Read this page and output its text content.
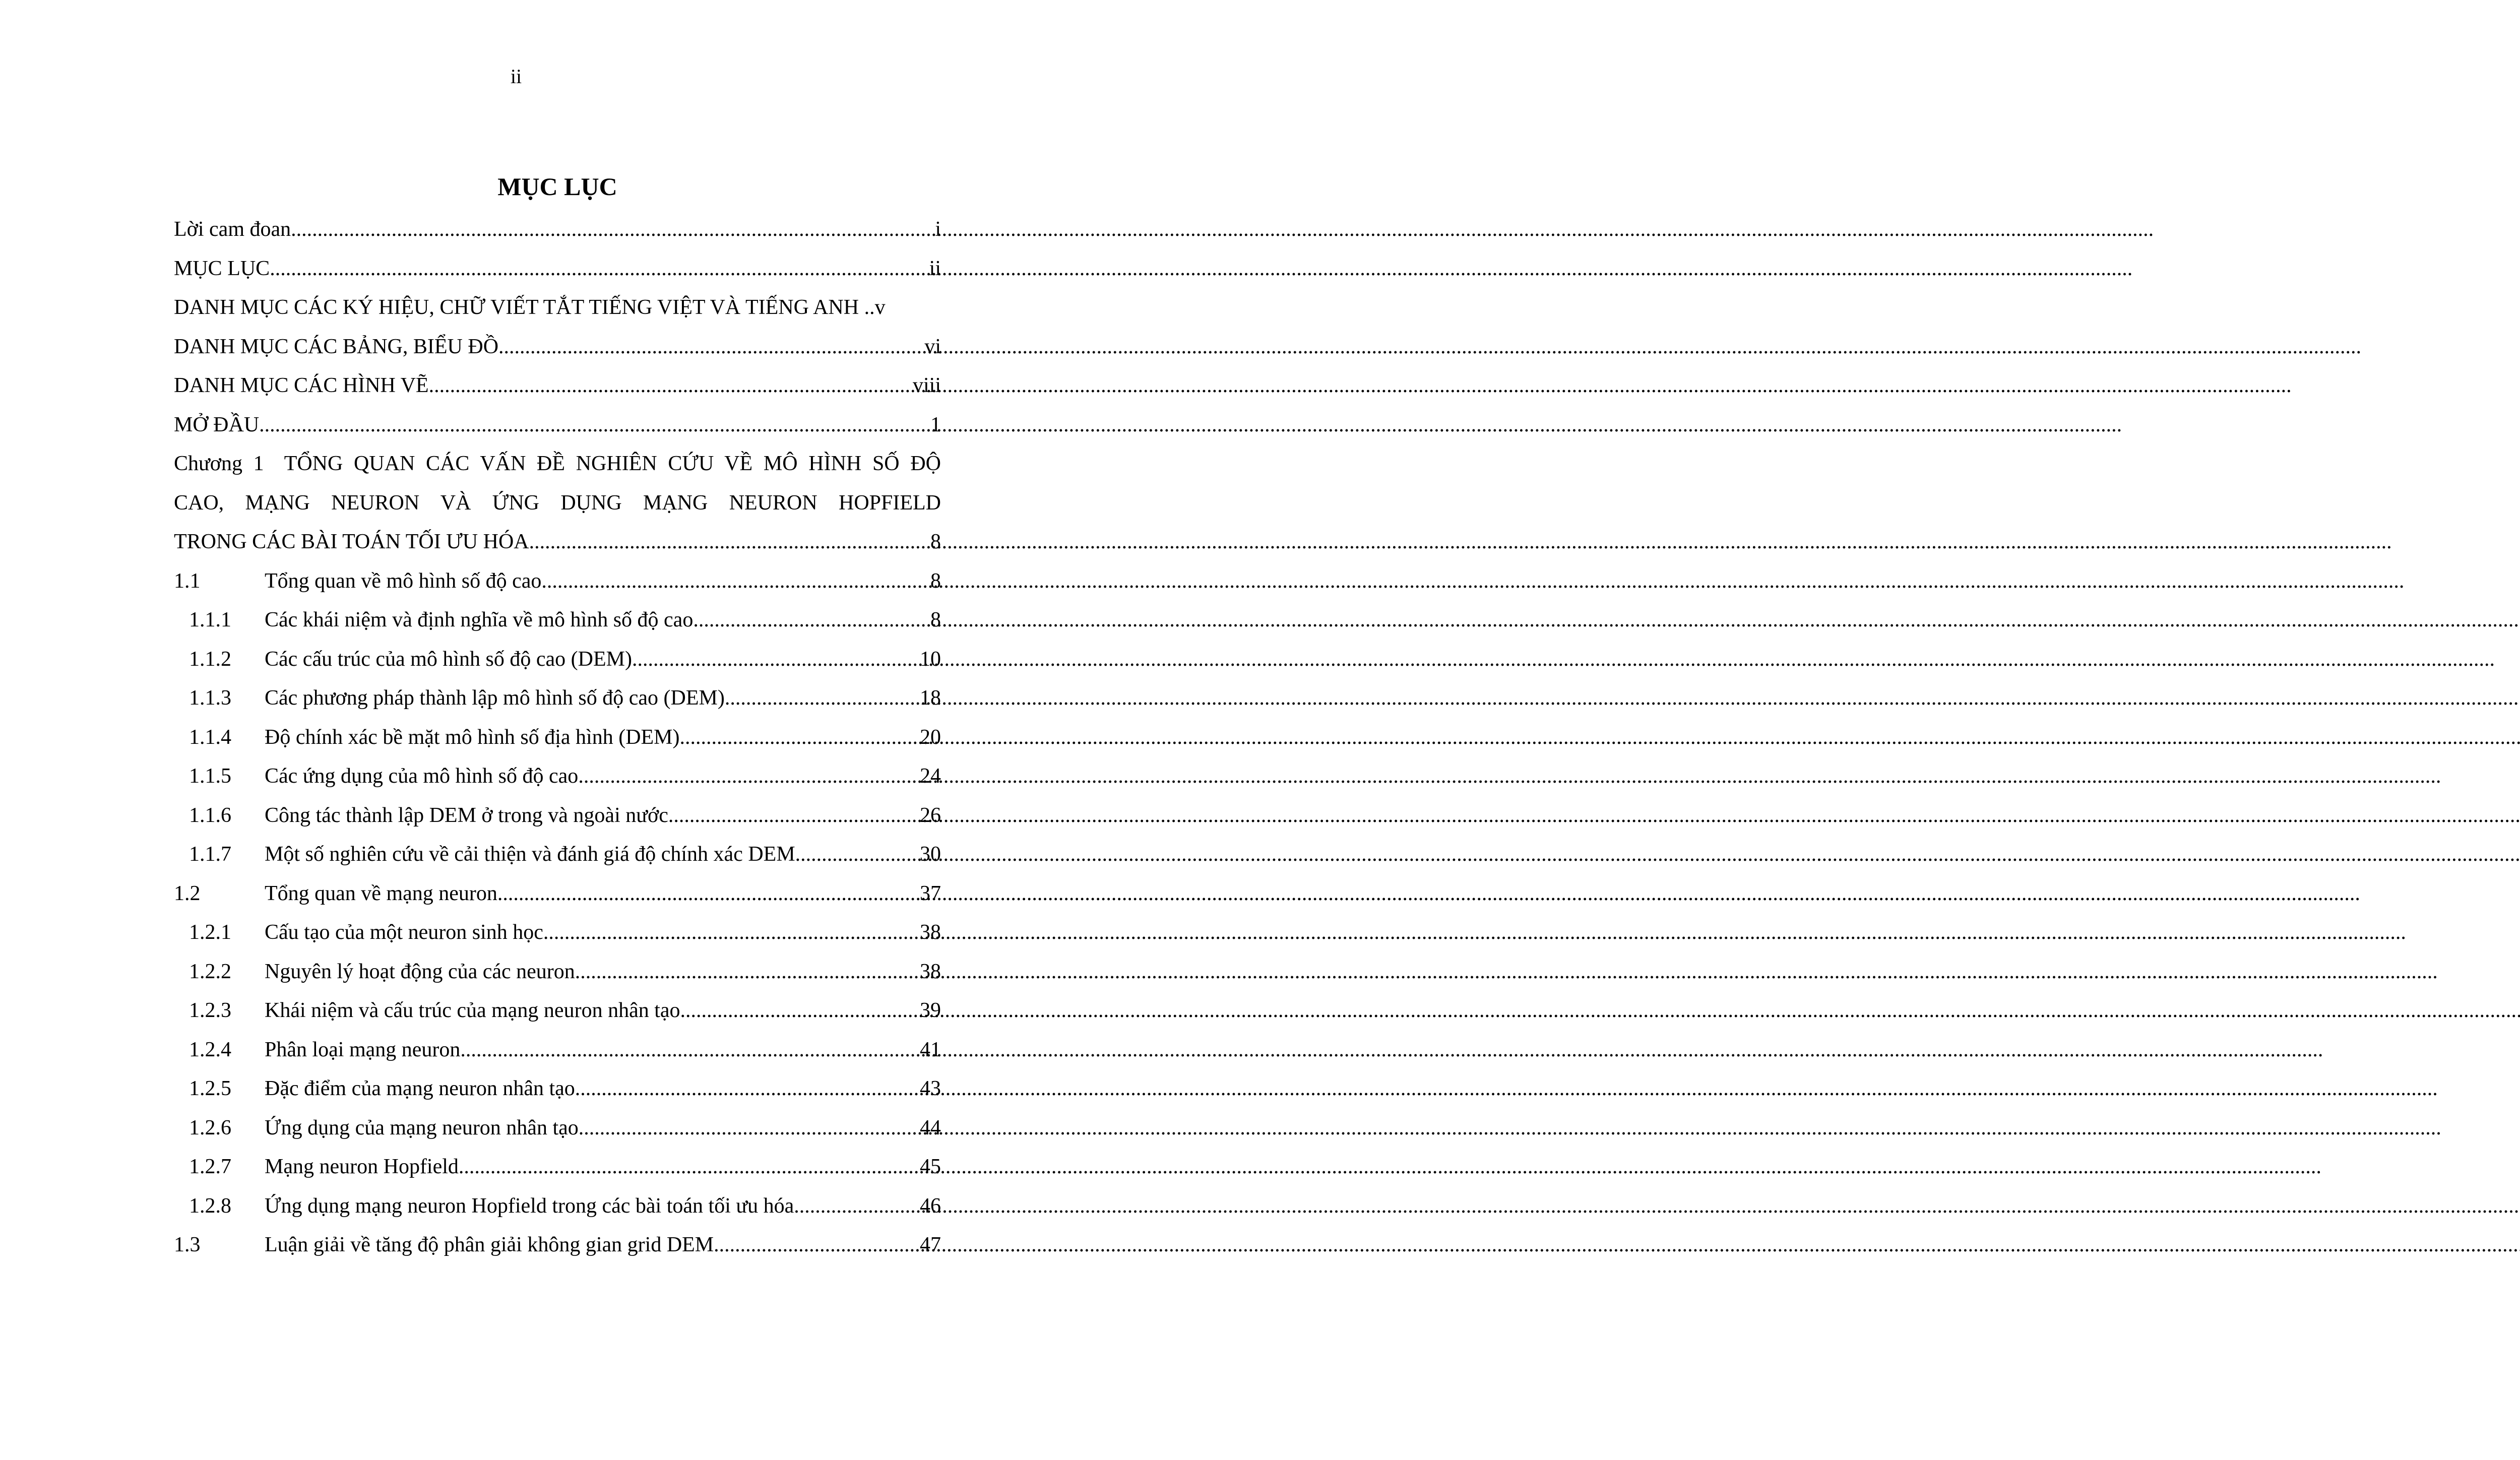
ii
MỤC LỤC
Lời cam đoan .....	i
MỤC LỤC .....	ii
DANH MỤC CÁC KÝ HIỆU, CHỮ VIẾT TẮT TIẾNG VIỆT VÀ TIẾNG ANH .. v
DANH MỤC CÁC BẢNG, BIỂU ĐỒ .....	vi
DANH MỤC CÁC HÌNH VẼ .....	viii
MỞ ĐẦU .....	1
Chương 1 TỔNG QUAN CÁC VẤN ĐỀ NGHIÊN CỨU VỀ MÔ HÌNH SỐ ĐỘ
CAO, MẠNG NEURON VÀ ỨNG DỤNG MẠNG NEURON HOPFIELD
TRONG CÁC BÀI TOÁN TỐI ƯU HÓA .....	8
1.1	Tổng quan về mô hình số độ cao .....	8
1.1.1	Các khái niệm và định nghĩa về mô hình số độ cao .....	8
1.1.2	Các cấu trúc của mô hình số độ cao (DEM) .....	10
1.1.3	Các phương pháp thành lập mô hình số độ cao (DEM) .....	18
1.1.4	Độ chính xác bề mặt mô hình số địa hình (DEM) .....	20
1.1.5	Các ứng dụng của mô hình số độ cao .....	24
1.1.6	Công tác thành lập DEM ở trong và ngoài nước .....	26
1.1.7	Một số nghiên cứu về cải thiện và đánh giá độ chính xác DEM .....	30
1.2	Tổng quan về mạng neuron .....	37
1.2.1	Cấu tạo của một neuron sinh học .....	38
1.2.2	Nguyên lý hoạt động của các neuron .....	38
1.2.3	Khái niệm và cấu trúc của mạng neuron nhân tạo .....	39
1.2.4	Phân loại mạng neuron .....	41
1.2.5	Đặc điểm của mạng neuron nhân tạo .....	43
1.2.6	Ứng dụng của mạng neuron nhân tạo .....	44
1.2.7	Mạng neuron Hopfield .....	45
1.2.8	Ứng dụng mạng neuron Hopfield trong các bài toán tối ưu hóa .....	46
1.3	Luận giải về tăng độ phân giải không gian grid DEM .....	47
